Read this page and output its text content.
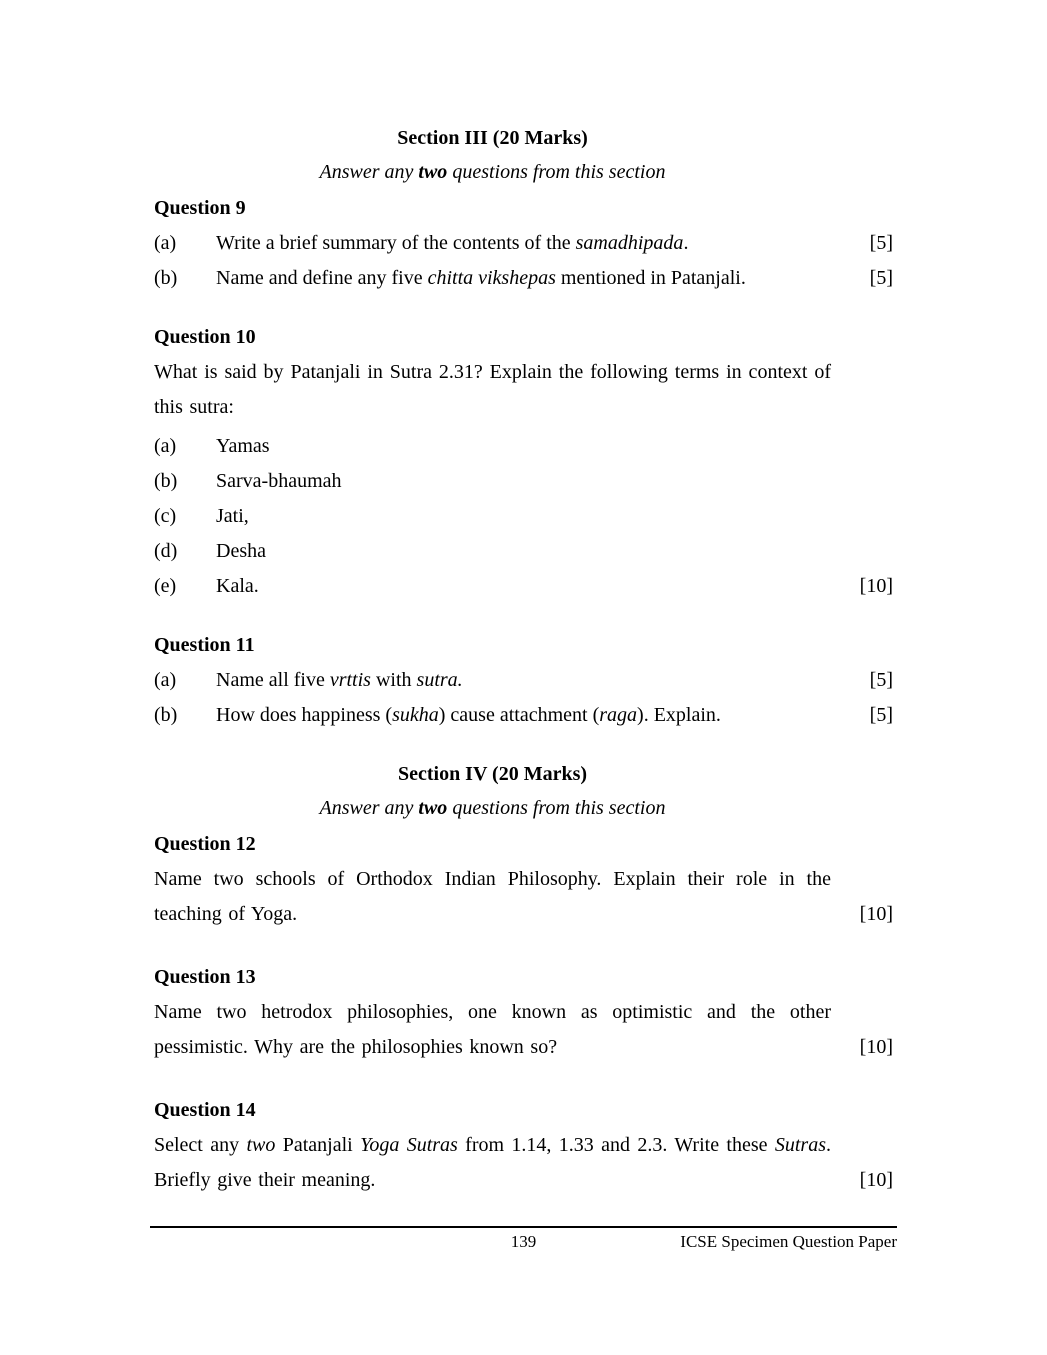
Section III (20 Marks)
Answer any two questions from this section
Question 9
(a)	Write a brief summary of the contents of the samadhipada.	[5]
(b)	Name and define any five chitta vikshepas mentioned in Patanjali.	[5]
Question 10
What is said by Patanjali in Sutra 2.31? Explain the following terms in context of this sutra:
(a)	Yamas
(b)	Sarva-bhaumah
(c)	Jati,
(d)	Desha
(e)	Kala.	[10]
Question 11
(a)	Name all five vrttis with sutra.	[5]
(b)	How does happiness (sukha) cause attachment (raga). Explain.	[5]
Section IV (20 Marks)
Answer any two questions from this section
Question 12
Name two schools of Orthodox Indian Philosophy. Explain their role in the teaching of Yoga.	[10]
Question 13
Name two hetrodox philosophies, one known as optimistic and the other pessimistic. Why are the philosophies known so?	[10]
Question 14
Select any two Patanjali Yoga Sutras from 1.14, 1.33 and 2.3. Write these Sutras. Briefly give their meaning.	[10]
139	ICSE Specimen Question Paper
